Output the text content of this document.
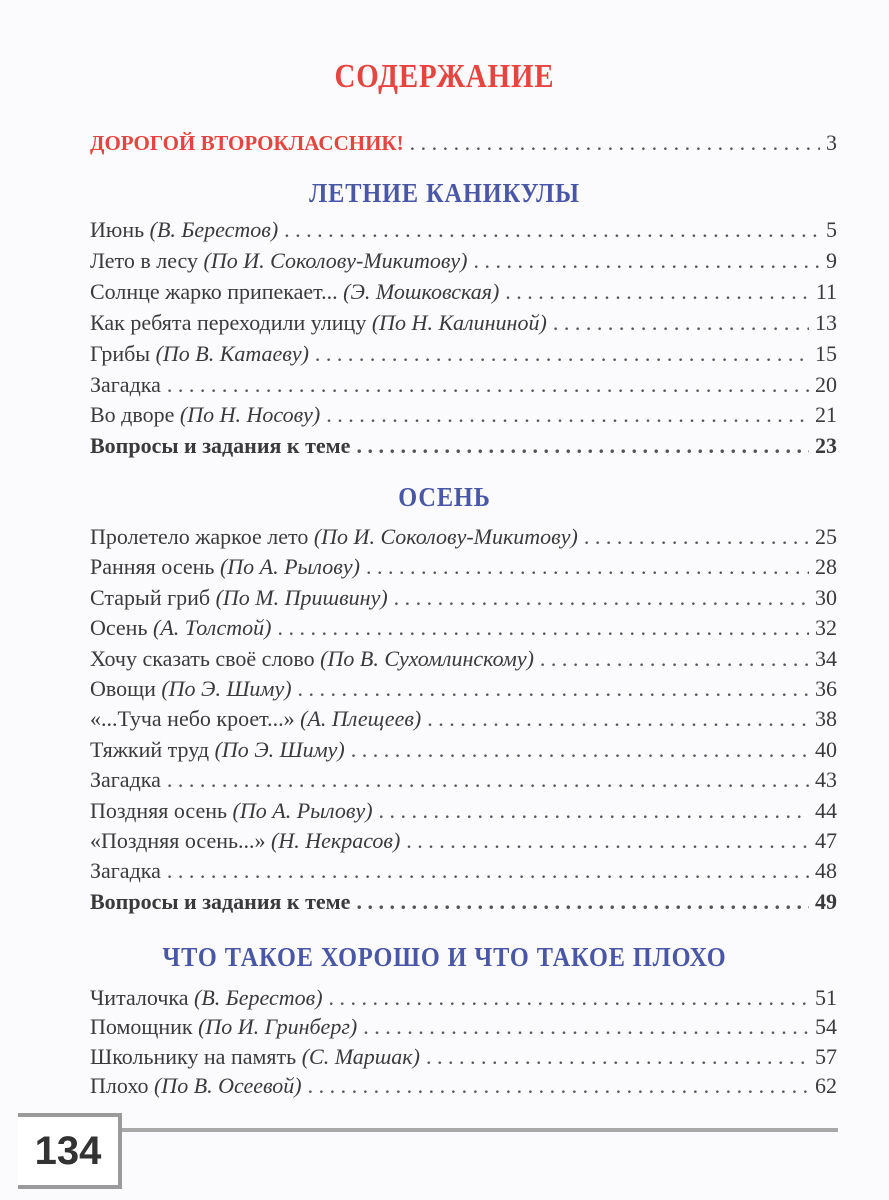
СОДЕРЖАНИЕ
ДОРОГОЙ ВТОРОКЛАССНИК! . . .	3
ЛЕТНИЕ КАНИКУЛЫ
Июнь (В. Берестов) . . .	5
Лето в лесу (По И. Соколову-Микитову) . . .	9
Солнце жарко припекает... (Э. Мошковская) . . .	11
Как ребята переходили улицу (По Н. Калининой) . . .	13
Грибы (По В. Катаеву) . . .	15
Загадка . . .	20
Во дворе (По Н. Носову) . . .	21
Вопросы и задания к теме . . .	23
ОСЕНЬ
Пролетело жаркое лето (По И. Соколову-Микитову) . . .	25
Ранняя осень (По А. Рылову) . . .	28
Старый гриб (По М. Пришвину) . . .	30
Осень (А. Толстой) . . .	32
Хочу сказать своё слово (По В. Сухомлинскому) . . .	34
Овощи (По Э. Шиму) . . .	36
«...Туча небо кроет...» (А. Плещеев) . . .	38
Тяжкий труд (По Э. Шиму) . . .	40
Загадка . . .	43
Поздняя осень (По А. Рылову) . . .	44
«Поздняя осень...» (Н. Некрасов) . . .	47
Загадка . . .	48
Вопросы и задания к теме . . .	49
ЧТО ТАКОЕ ХОРОШО И ЧТО ТАКОЕ ПЛОХО
Читалочка (В. Берестов) . . .	51
Помощник (По И. Гринберг) . . .	54
Школьнику на память (С. Маршак) . . .	57
Плохо (По В. Осеевой) . . .	62
134
